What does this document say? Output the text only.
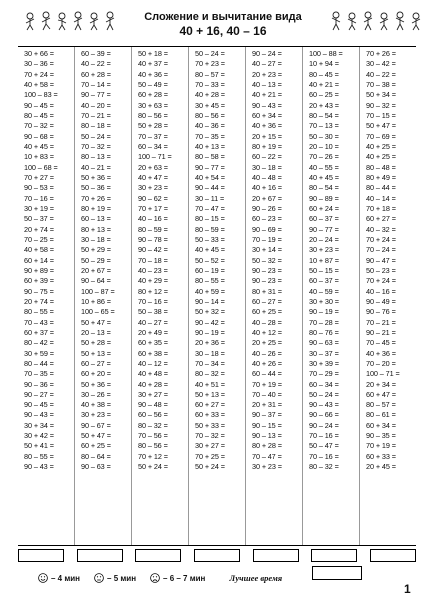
Сложение и вычитание вида
40 + 16, 40 – 16
30 + 66 =
30 – 36 =
70 + 24 =
40 + 58 =
100 – 83 =
90 – 45 =
80 – 45 =
70 – 32 =
90 – 68 =
40 + 45 =
10 + 83 =
100 – 68 =
70 + 27 =
90 – 53 =
70 – 16 =
30 + 19 =
50 – 37 =
20 + 74 =
70 – 25 =
40 + 58 =
60 + 14 =
90 + 89 =
60 + 39 =
90 – 75 =
20 + 74 =
80 – 55 =
70 – 43 =
60 + 37 =
80 – 42 =
30 + 59 =
80 – 44 =
70 – 35 =
90 – 36 =
90 – 27 =
90 – 45 =
90 – 43 =
30 + 34 =
30 + 42 =
50 + 41 =
80 – 55 =
90 – 43 =
60 – 39 =
40 – 22 =
60 + 28 =
70 – 14 =
90 – 77 =
40 – 20 =
70 – 21 =
80 – 18 =
50 – 24 =
70 – 32 =
80 – 13 =
40 – 21 =
50 + 36 =
50 – 36 =
70 + 26 =
80 + 19 =
60 – 13 =
80 + 13 =
30 – 18 =
50 + 29 =
50 – 29 =
20 + 67 =
90 – 64 =
100 – 87 =
10 + 86 =
100 – 65 =
50 + 47 =
20 – 13 =
50 + 28 =
50 + 13 =
60 – 27 =
60 + 20 =
50 + 36 =
30 – 26 =
40 + 38 =
30 + 23 =
90 – 67 =
50 + 47 =
60 + 25 =
80 – 64 =
90 – 63 =
50 + 18 =
40 + 37 =
40 + 36 =
50 – 49 =
60 + 28 =
30 + 63 =
80 – 56 =
50 + 28 =
70 – 37 =
60 – 34 =
100 – 71 =
20 + 63 =
40 + 47 =
30 + 23 =
90 – 62 =
70 + 17 =
40 – 16 =
80 – 59 =
90 – 78 =
90 – 42 =
70 – 18 =
40 – 23 =
40 + 29 =
80 + 12 =
70 – 16 =
50 – 38 =
40 – 27 =
20 + 49 =
60 + 35 =
60 + 38 =
40 – 12 =
40 + 48 =
40 + 28 =
30 + 27 =
90 – 48 =
60 – 56 =
80 – 32 =
70 – 56 =
80 – 56 =
70 + 12 =
50 + 24 =
50 – 24 =
70 + 23 =
80 – 57 =
70 – 33 =
40 + 28 =
30 + 45 =
80 – 56 =
40 – 36 =
70 – 35 =
40 + 13 =
80 – 58 =
90 – 77 =
40 + 54 =
90 – 44 =
30 – 11 =
70 – 47 =
80 – 15 =
80 – 59 =
50 – 33 =
40 + 45 =
50 – 52 =
60 – 19 =
80 – 55 =
40 + 59 =
90 – 14 =
50 + 32 =
90 – 42 =
90 – 19 =
20 + 36 =
30 – 18 =
70 – 34 =
80 – 32 =
40 + 51 =
50 + 13 =
60 + 27 =
60 + 33 =
50 + 33 =
70 – 32 =
30 + 27 =
70 + 25 =
50 + 24 =
90 – 24 =
40 – 27 =
20 + 23 =
40 – 13 =
40 + 21 =
90 – 43 =
60 + 34 =
40 + 36 =
20 + 15 =
80 + 19 =
60 – 22 =
30 – 18 =
40 – 48 =
40 + 16 =
20 + 67 =
90 – 26 =
60 – 23 =
90 – 69 =
70 – 19 =
30 + 14 =
50 – 32 =
90 – 23 =
90 – 23 =
80 + 31 =
60 – 27 =
60 + 25 =
40 – 28 =
40 + 12 =
20 + 25 =
40 – 26 =
40 + 26 =
60 – 44 =
70 + 19 =
70 – 40 =
20 + 31 =
90 – 37 =
90 – 15 =
90 – 13 =
80 + 28 =
70 – 47 =
30 + 23 =
100 – 88 =
10 + 94 =
80 – 45 =
40 + 21 =
60 – 25 =
20 + 43 =
80 – 54 =
70 – 13 =
50 – 30 =
20 – 10 =
70 – 26 =
40 – 55 =
40 + 45 =
80 – 54 =
90 – 89 =
60 + 24 =
60 – 37 =
90 – 77 =
20 – 24 =
30 + 23 =
10 + 87 =
50 – 15 =
60 – 37 =
40 – 59 =
30 + 30 =
90 – 19 =
70 – 28 =
80 – 76 =
90 – 63 =
30 – 37 =
30 + 39 =
70 – 29 =
60 – 34 =
50 – 24 =
90 – 43 =
90 – 66 =
90 – 24 =
70 – 16 =
50 – 47 =
70 – 16 =
80 – 32 =
70 + 26 =
30 – 42 =
40 – 22 =
70 – 38 =
50 + 34 =
90 – 32 =
70 – 15 =
50 + 47 =
70 – 69 =
40 + 25 =
40 + 25 =
80 – 48 =
80 + 49 =
80 – 44 =
40 – 14 =
70 + 18 =
60 + 27 =
40 – 32 =
70 + 24 =
70 – 24 =
90 – 47 =
50 – 23 =
70 + 24 =
40 – 16 =
90 – 49 =
90 – 76 =
70 – 21 =
90 – 21 =
70 – 45 =
40 + 36 =
70 – 20 =
100 – 71 =
20 + 34 =
60 + 47 =
80 – 57 =
80 – 61 =
60 + 34 =
90 – 35 =
70 + 19 =
60 + 33 =
20 + 45 =
– 4 мин	– 5 мин	– 6 – 7 мин	Лучшее время
1
